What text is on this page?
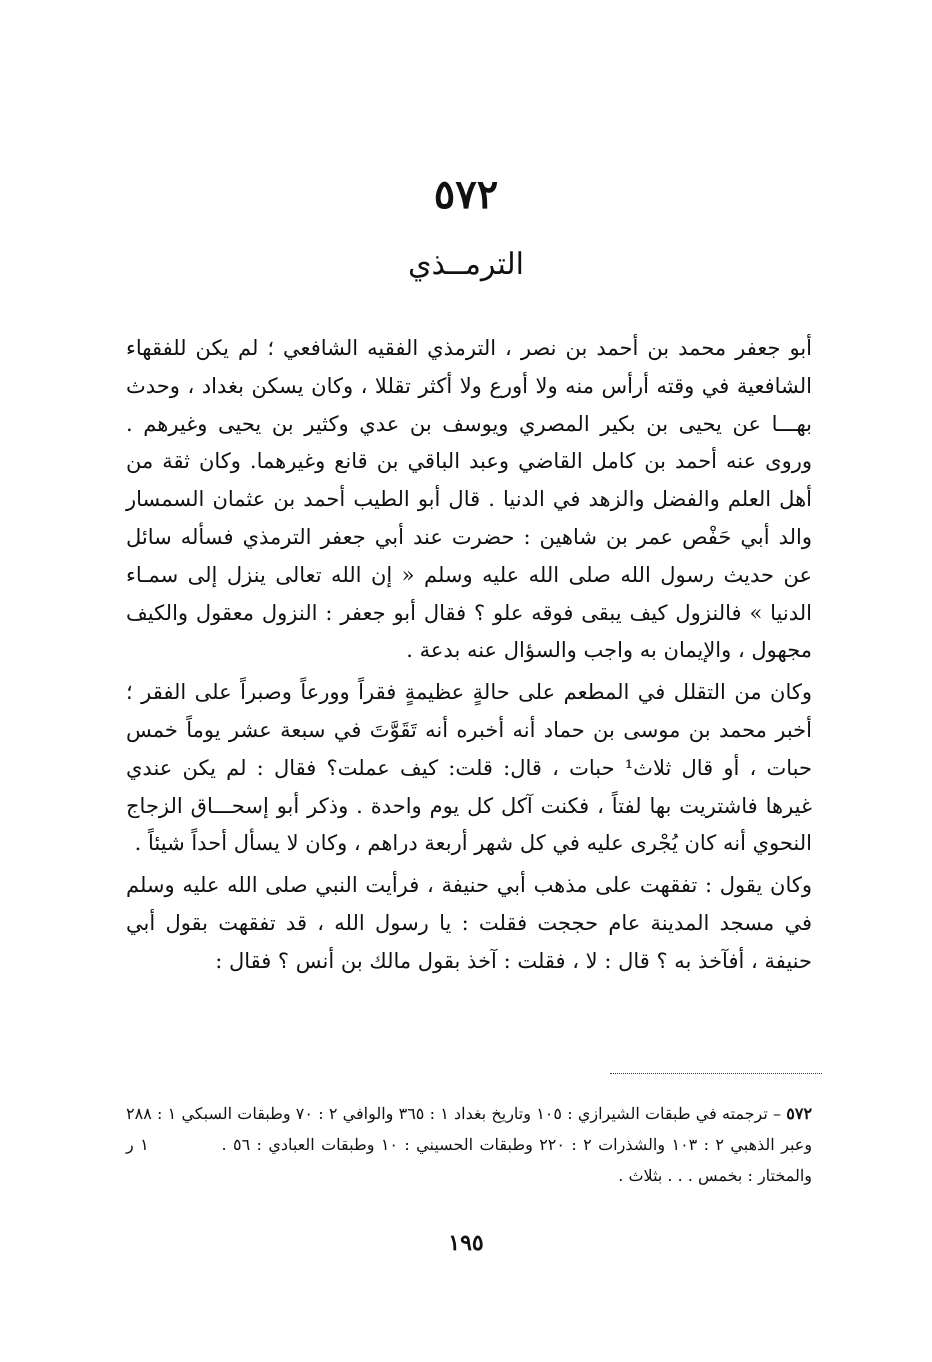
٥٧٢
الترمــذي

أبو جعفر محمد بن أحمد بن نصر ، الترمذي الفقيه الشافعي ؛ لم يكن للفقهاء الشافعية في وقته أرأس منه ولا أورع ولا أكثر تقللا ، وكان يسكن بغداد ، وحدث بهـــا عن يحيى بن بكير المصري ويوسف بن عدي وكثير بن يحيى وغيرهم . وروى عنه أحمد بن كامل القاضي وعبد الباقي بن قانع وغيرهما. وكان ثقة من أهل العلم والفضل والزهد في الدنيا . قال أبو الطيب أحمد بن عثمان السمسار والد أبي حَفْص عمر بن شاهين : حضرت عند أبي جعفر الترمذي فسأله سائل عن حديث رسول الله صلى الله عليه وسلم « إن الله تعالى ينزل إلى سمـاء الدنيا » فالنزول كيف يبقى فوقه علو ؟ فقال أبو جعفر : النزول معقول والكيف مجهول ، والإيمان به واجب والسؤال عنه بدعة .

وكان من التقلل في المطعم على حالةٍ عظيمةٍ فقراً وورعاً وصبراً على الفقر ؛ أخبر محمد بن موسى بن حماد أنه أخبره أنه تَقَوَّتَ في سبعة عشر يوماً خمس حبات ، أو قال ثلاث¹ حبات ، قال: قلت: كيف عملت؟ فقال : لم يكن عندي غيرها فاشتريت بها لفتاً ، فكنت آكل كل يوم واحدة . وذكر أبو إسحـــاق الزجاج النحوي أنه كان يُجْرى عليه في كل شهر أربعة دراهم ، وكان لا يسأل أحداً شيئاً .

وكان يقول : تفقهت على مذهب أبي حنيفة ، فرأيت النبي صلى الله عليه وسلم في مسجد المدينة عام حججت فقلت : يا رسول الله ، قد تفقهت بقول أبي حنيفة ، أفآخذ به ؟ قال : لا ، فقلت : آخذ بقول مالك بن أنس ؟ فقال :

٥٧٢ – ترجمته في طبقات الشيرازي : ١٠٥ وتاريخ بغداد ١ : ٣٦٥ والوافي ٢ : ٧٠ وطبقات السبكي ١ : ٢٨٨ وعبر الذهبي ٢ : ١٠٣ والشذرات ٢ : ٢٢٠ وطبقات الحسيني : ١٠ وطبقات العبادي : ٥٦ .  ١ ر والمختار : بخمس . . . بثلاث .

١٩٥
